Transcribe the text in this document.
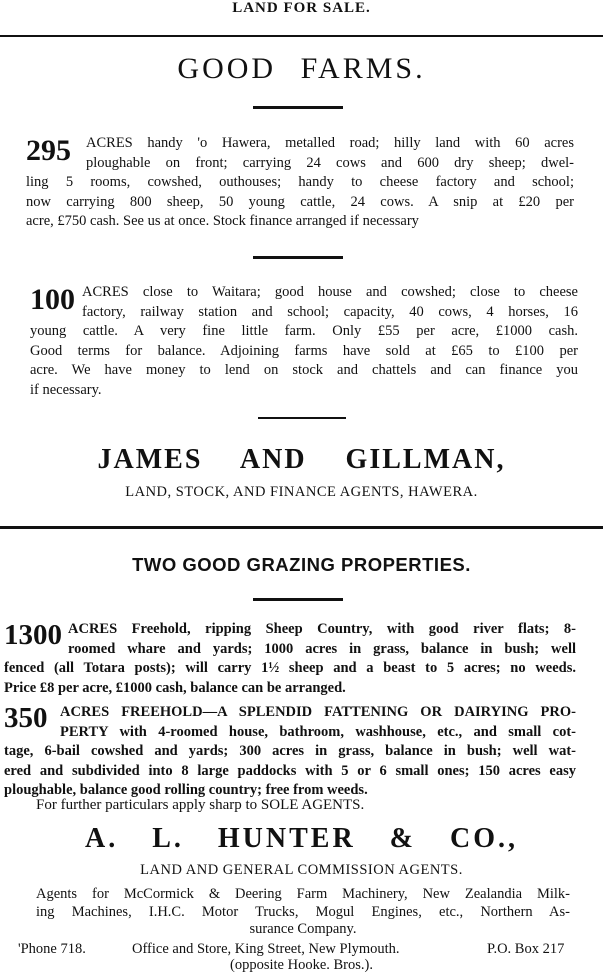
LAND FOR SALE.
GOOD FARMS.
295	ACRES handy 'o Hawera, metalled road; hilly land with 60 acres
ploughable on front; carrying 24 cows and 600 dry sheep; dwel-
ling 5 rooms, cowshed, outhouses; handy to cheese factory and school;
now carrying 800 sheep, 50 young cattle, 24 cows. A snip at £20 per
acre, £750 cash. See us at once. Stock finance arranged if necessary
100 ACRES close to Waitara; good house and cowshed; close to cheese
factory, railway station and school; capacity, 40 cows, 4 horses, 16
young cattle. A very fine little farm. Only £55 per acre, £1000 cash.
Good terms for balance. Adjoining farms have sold at £65 to £100 per
acre. We have money to lend on stock and chattels and can finance you
if necessary.
JAMES AND GILLMAN,
LAND, STOCK, AND FINANCE AGENTS, HAWERA.
TWO GOOD GRAZING PROPERTIES.
1300 ACRES Freehold, ripping Sheep Country, with good river flats; 8-
roomed whare and yards; 1000 acres in grass, balance in bush; well
fenced (all Totara posts); will carry 1½ sheep and a beast to 5 acres; no weeds.
Price £8 per acre, £1000 cash, balance can be arranged.
350 ACRES FREEHOLD—A SPLENDID FATTENING OR DAIRYING PRO-
PERTY with 4-roomed house, bathroom, washhouse, etc., and small cot-
tage, 6-bail cowshed and yards; 300 acres in grass, balance in bush; well wat-
ered and subdivided into 8 large paddocks with 5 or 6 small ones; 150 acres easy
ploughable, balance good rolling country; free from weeds.
For further particulars apply sharp to SOLE AGENTS.
A. L. HUNTER & CO.,
LAND AND GENERAL COMMISSION AGENTS.
Agents for McCormick & Deering Farm Machinery, New Zealandia Milk-
ing Machines, I.H.C. Motor Trucks, Mogul Engines, etc., Northern As-
surance Company.
'Phone 718.	Office and Store, King Street, New Plymouth.	P.O. Box 217
(opposite Hooke. Bros.).
